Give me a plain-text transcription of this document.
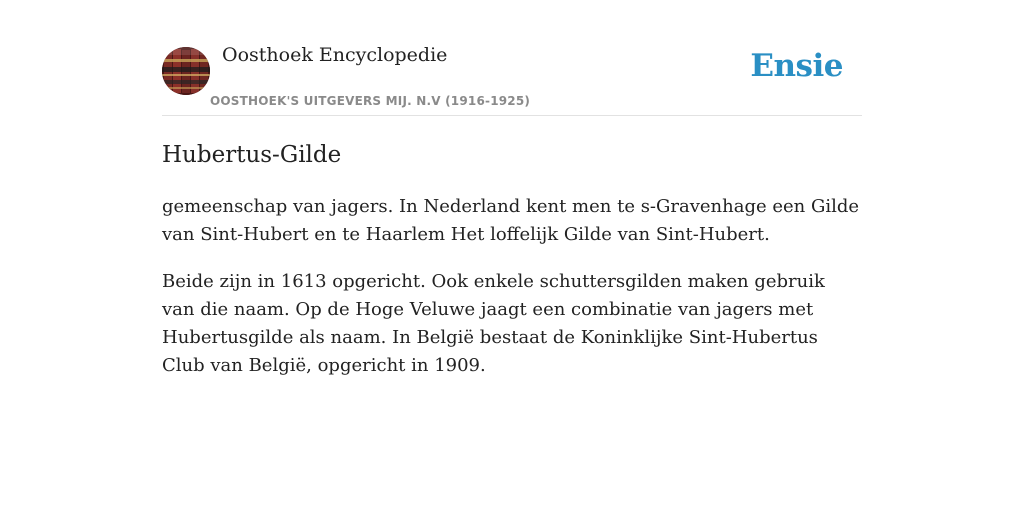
Oosthoek Encyclopedie
OOSTHOEK'S UITGEVERS MIJ. N.V (1916-1925)
Ensie
Hubertus-Gilde

gemeenschap van jagers. In Nederland kent men te s-Gravenhage een Gilde van Sint-Hubert en te Haarlem Het loffelijk Gilde van Sint-Hubert.

Beide zijn in 1613 opgericht. Ook enkele schuttersgilden maken gebruik van die naam. Op de Hoge Veluwe jaagt een combinatie van jagers met Hubertusgilde als naam. In België bestaat de Koninklijke Sint-Hubertus Club van België, opgericht in 1909.
